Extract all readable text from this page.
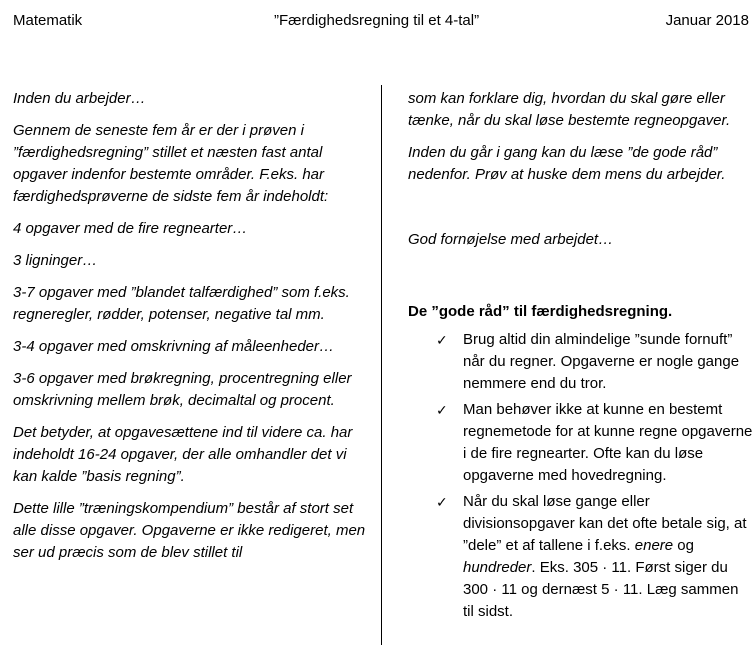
Matematik	”Færdighedsregning til et 4-tal”	Januar 2018

Inden du arbejder…

Gennem de seneste fem år er der i prøven i ”færdighedsregning” stillet et næsten fast antal opgaver indenfor bestemte områder. F.eks. har færdighedsprøverne de sidste fem år indeholdt:

4 opgaver med de fire regnearter…

3 ligninger…

3-7 opgaver med ”blandet talfærdighed” som f.eks. regneregler, rødder, potenser, negative tal mm.

3-4 opgaver med omskrivning af måleenheder…

3-6 opgaver med brøkregning, procentregning eller omskrivning mellem brøk, decimaltal og procent.

Det betyder, at opgavesættene ind til videre ca. har indeholdt 16-24 opgaver, der alle omhandler det vi kan kalde ”basis regning”.

Dette lille ”træningskompendium” består af stort set alle disse opgaver. Opgaverne er ikke redigeret, men ser ud præcis som de blev stillet til

som kan forklare dig, hvordan du skal gøre eller tænke, når du skal løse bestemte regneopgaver.

Inden du går i gang kan du læse ”de gode råd” nedenfor. Prøv at huske dem mens du arbejder.

God fornøjelse med arbejdet…

De ”gode råd” til færdighedsregning.
✓ Brug altid din almindelige ”sunde fornuft” når du regner. Opgaverne er nogle gange nemmere end du tror.
✓ Man behøver ikke at kunne en bestemt regnemetode for at kunne regne opgaverne i de fire regnearter. Ofte kan du løse opgaverne med hovedregning.
✓ Når du skal løse gange eller divisionsopgaver kan det ofte betale sig, at ”dele” et af tallene i f.eks. enere og hundreder. Eks. 305 · 11. Først siger du 300 · 11 og dernæst 5 · 11. Læg sammen til sidst.
